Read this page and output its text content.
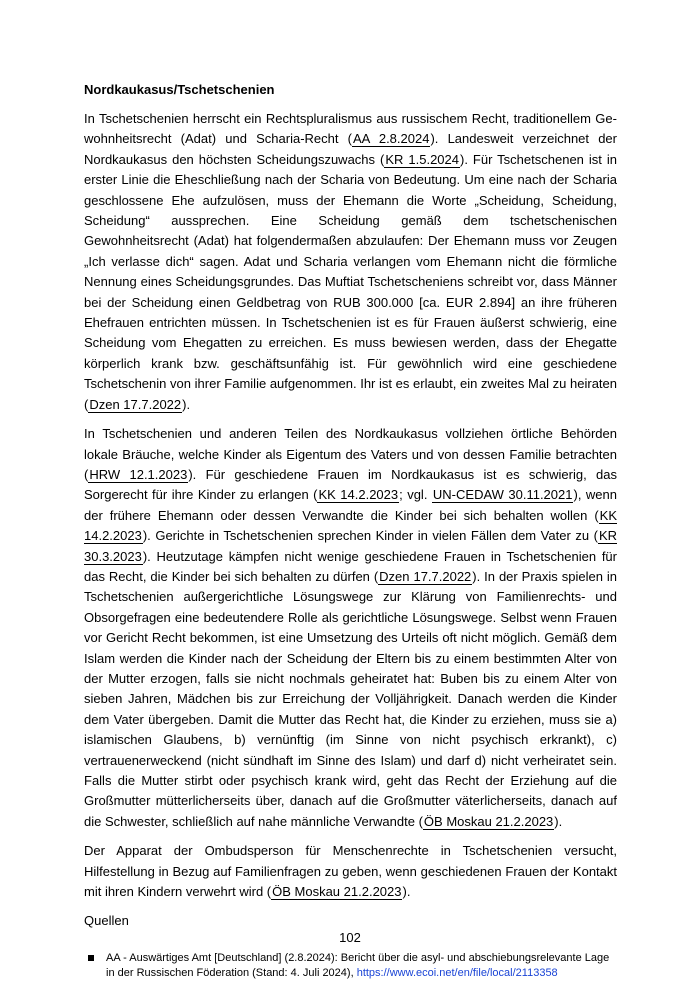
Nordkaukasus/Tschetschenien

In Tschetschenien herrscht ein Rechtspluralismus aus russischem Recht, traditionellem Gewohnheitsrecht (Adat) und Scharia-Recht (AA 2.8.2024). Landesweit verzeichnet der Nordkaukasus den höchsten Scheidungszuwachs (KR 1.5.2024). Für Tschetschenen ist in erster Linie die Eheschließung nach der Scharia von Bedeutung. Um eine nach der Scharia geschlossene Ehe aufzulösen, muss der Ehemann die Worte „Scheidung, Scheidung, Scheidung“ aussprechen. Eine Scheidung gemäß dem tschetschenischen Gewohnheitsrecht (Adat) hat folgendermaßen abzulaufen: Der Ehemann muss vor Zeugen „Ich verlasse dich“ sagen. Adat und Scharia verlangen vom Ehemann nicht die förmliche Nennung eines Scheidungsgrundes. Das Muftiat Tschetscheniens schreibt vor, dass Männer bei der Scheidung einen Geldbetrag von RUB 300.000 [ca. EUR 2.894] an ihre früheren Ehefrauen entrichten müssen. In Tschetschenien ist es für Frauen äußerst schwierig, eine Scheidung vom Ehegatten zu erreichen. Es muss bewiesen werden, dass der Ehegatte körperlich krank bzw. geschäftsunfähig ist. Für gewöhnlich wird eine geschiedene Tschetschenin von ihrer Familie aufgenommen. Ihr ist es erlaubt, ein zweites Mal zu heiraten (Dzen 17.7.2022).

In Tschetschenien und anderen Teilen des Nordkaukasus vollziehen örtliche Behörden lokale Bräuche, welche Kinder als Eigentum des Vaters und von dessen Familie betrachten (HRW 12.1.2023). Für geschiedene Frauen im Nordkaukasus ist es schwierig, das Sorgerecht für ihre Kinder zu erlangen (KK 14.2.2023; vgl. UN-CEDAW 30.11.2021), wenn der frühere Ehemann oder dessen Verwandte die Kinder bei sich behalten wollen (KK 14.2.2023). Gerichte in Tschetschenien sprechen Kinder in vielen Fällen dem Vater zu (KR 30.3.2023). Heutzutage kämpfen nicht wenige geschiedene Frauen in Tschetschenien für das Recht, die Kinder bei sich behalten zu dürfen (Dzen 17.7.2022). In der Praxis spielen in Tschetschenien außergerichtliche Lösungswege zur Klärung von Familienrechts- und Obsorgefragen eine bedeutendere Rolle als gerichtliche Lösungswege. Selbst wenn Frauen vor Gericht Recht bekommen, ist eine Umsetzung des Urteils oft nicht möglich. Gemäß dem Islam werden die Kinder nach der Scheidung der Eltern bis zu einem bestimmten Alter von der Mutter erzogen, falls sie nicht nochmals geheiratet hat: Buben bis zu einem Alter von sieben Jahren, Mädchen bis zur Erreichung der Volljährigkeit. Danach werden die Kinder dem Vater übergeben. Damit die Mutter das Recht hat, die Kinder zu erziehen, muss sie a) islamischen Glaubens, b) vernünftig (im Sinne von nicht psychisch erkrankt), c) vertrauenerweckend (nicht sündhaft im Sinne des Islam) und darf d) nicht verheiratet sein. Falls die Mutter stirbt oder psychisch krank wird, geht das Recht der Erziehung auf die Großmutter mütterlicherseits über, danach auf die Großmutter väterlicherseits, danach auf die Schwester, schließlich auf nahe männliche Verwandte (ÖB Moskau 21.2.2023).

Der Apparat der Ombudsperson für Menschenrechte in Tschetschenien versucht, Hilfestellung in Bezug auf Familienfragen zu geben, wenn geschiedenen Frauen der Kontakt mit ihren Kindern verwehrt wird (ÖB Moskau 21.2.2023).

Quellen
AA - Auswärtiges Amt [Deutschland] (2.8.2024): Bericht über die asyl- und abschiebungsrelevante Lage in der Russischen Föderation (Stand: 4. Juli 2024), https://www.ecoi.net/en/file/local/2113358
102
